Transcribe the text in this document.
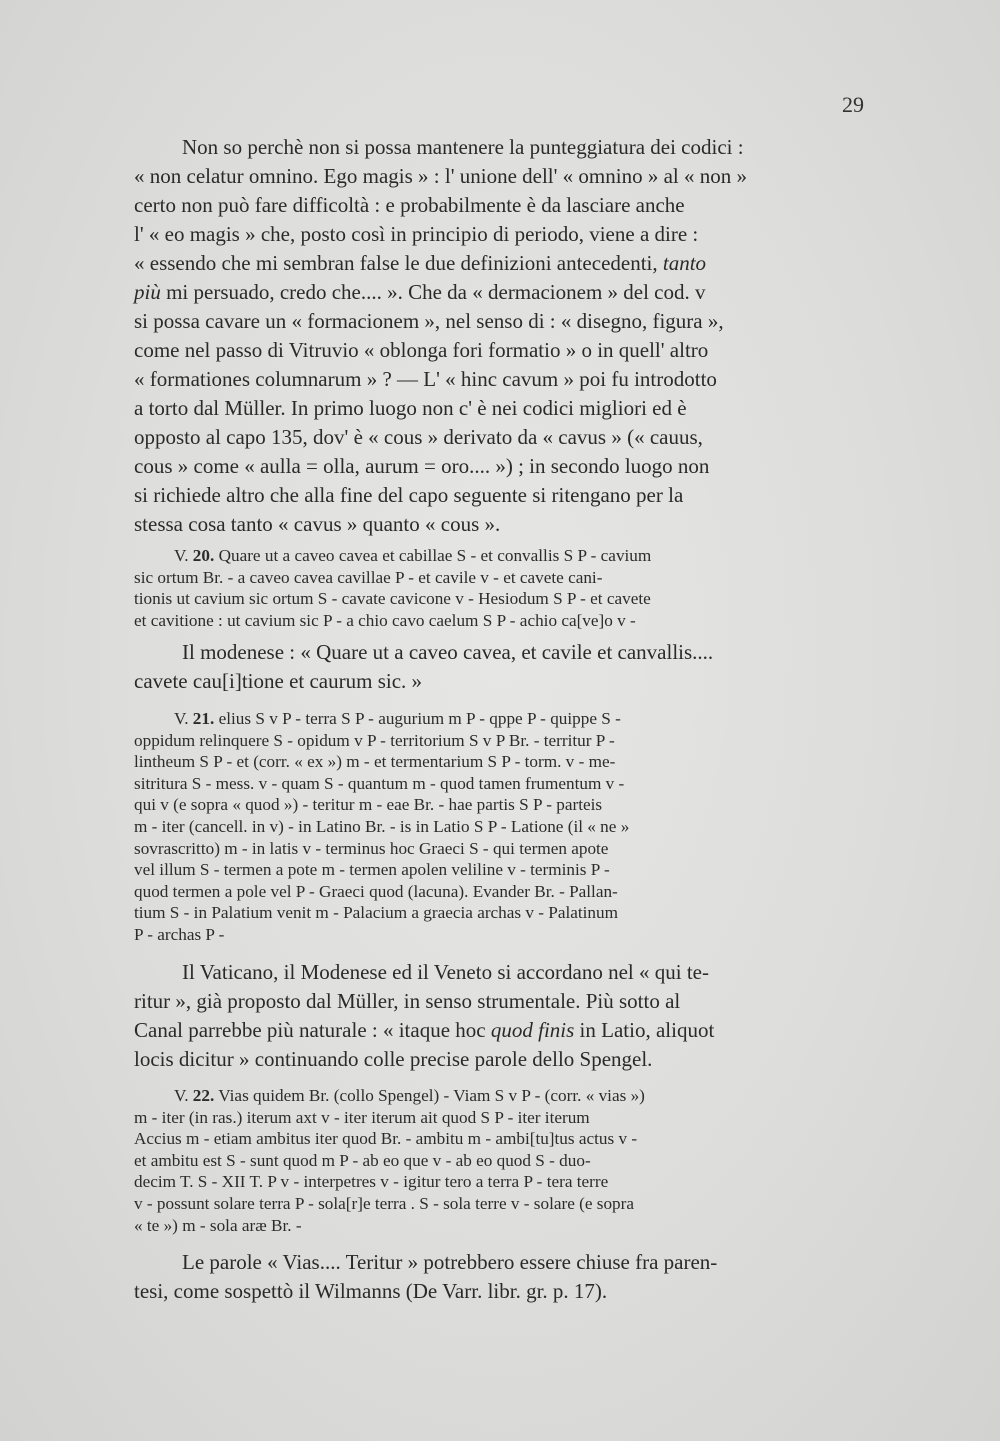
29

Non so perchè non si possa mantenere la punteggiatura dei codici :
« non celatur omnino. Ego magis » : l' unione dell' « omnino » al « non »
certo non può fare difficoltà : e probabilmente è da lasciare anche
l' « eo magis » che, posto così in principio di periodo, viene a dire :
« essendo che mi sembran false le due definizioni antecedenti, tanto
più mi persuado, credo che.... ». Che da « dermacionem » del cod. v
si possa cavare un « formacionem », nel senso di : « disegno, figura »,
come nel passo di Vitruvio « oblonga fori formatio » o in quell' altro
« formationes columnarum » ? — L' « hinc cavum » poi fu introdotto
a torto dal Müller. In primo luogo non c' è nei codici migliori ed è
opposto al capo 135, dov' è « cous » derivato da « cavus » (« cauus,
cous » come « aulla = olla, aurum = oro.... ») ; in secondo luogo non
si richiede altro che alla fine del capo seguente si ritengano per la
stessa cosa tanto « cavus » quanto « cous ».

V. 20. Quare ut a caveo cavea et cabillae S - et convallis S P - cavium
sic ortum Br. - a caveo cavea cavillae P - et cavile v - et cavete cani-
tionis ut cavium sic ortum S - cavate cavicone v - Hesiodum S P - et cavete
et cavitione : ut cavium sic P - a chio cavo caelum S P - achio ca[ve]o v -

Il modenese : « Quare ut a caveo cavea, et cavile et canvallis....
cavete cau[i]tione et caurum sic. »

V. 21. elius S v P - terra S P - augurium m P - qppe P - quippe S -
oppidum relinquere S - opidum v P - territorium S v P Br. - territur P -
lintheum S P - et (corr. « ex ») m - et termentarium S P - torm. v - me-
sitritura S - mess. v - quam S - quantum m - quod tamen frumentum v -
qui v (e sopra « quod ») - teritur m - eae Br. - hae partis S P - parteis
m - iter (cancell. in v) - in Latino Br. - is in Latio S P - Latione (il « ne »
sovrascritto) m - in latis v - terminus hoc Graeci S - qui termen apote
vel illum S - termen a pote m - termen apolen veliline v - terminis P -
quod termen a pole vel P - Graeci quod (lacuna). Evander Br. - Pallan-
tium S - in Palatium venit m - Palacium a graecia archas v - Palatinum
P - archas P -

Il Vaticano, il Modenese ed il Veneto si accordano nel « qui te-
ritur », già proposto dal Müller, in senso strumentale. Più sotto al
Canal parrebbe più naturale : « itaque hoc quod finis in Latio, aliquot
locis dicitur » continuando colle precise parole dello Spengel.

V. 22. Vias quidem Br. (collo Spengel) - Viam S v P - (corr. « vias »)
m - iter (in ras.) iterum axt v - iter iterum ait quod S P - iter iterum
Accius m - etiam ambitus iter quod Br. - ambitu m - ambi[tu]tus actus v -
et ambitu est S - sunt quod m P - ab eo que v - ab eo quod S - duo-
decim T. S - XII T. P v - interpetres v - igitur tero a terra P - tera terre
v - possunt solare terra P - sola[r]e terra . S - sola terre v - solare (e sopra
« te ») m - sola aræ Br. -

Le parole « Vias.... Teritur » potrebbero essere chiuse fra paren-
tesi, come sospettò il Wilmanns (De Varr. libr. gr. p. 17).
